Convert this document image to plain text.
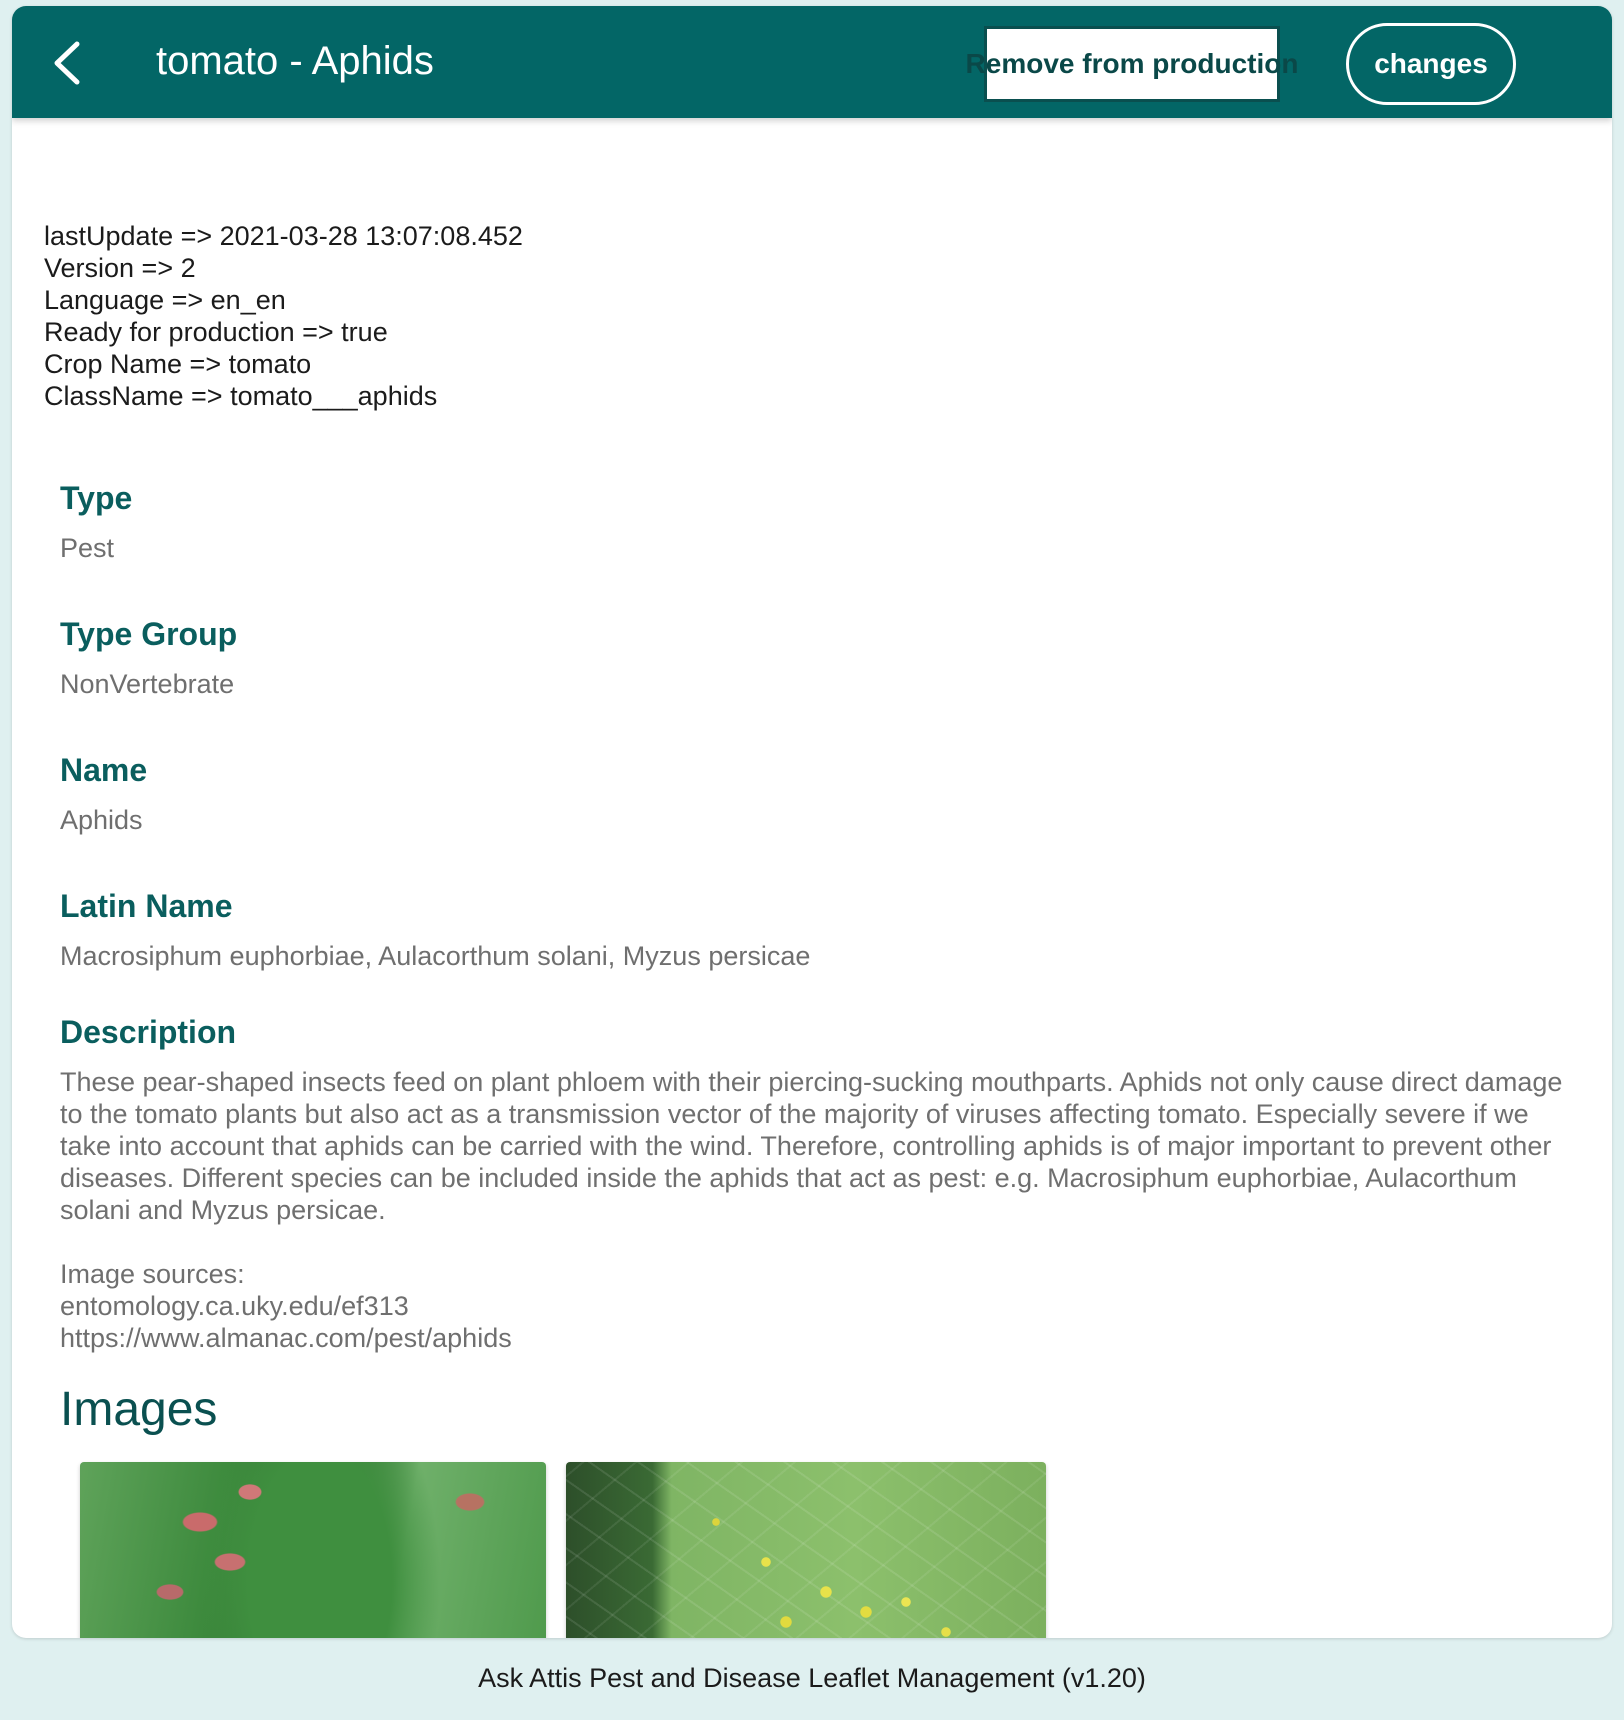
tomato - Aphids	Remove from production	changes
lastUpdate => 2021-03-28 13:07:08.452
Version => 2
Language => en_en
Ready for production => true
Crop Name => tomato
ClassName => tomato___aphids
Type
Pest
Type Group
NonVertebrate
Name
Aphids
Latin Name
Macrosiphum euphorbiae, Aulacorthum solani, Myzus persicae
Description
These pear-shaped insects feed on plant phloem with their piercing-sucking mouthparts. Aphids not only cause direct damage to the tomato plants but also act as a transmission vector of the majority of viruses affecting tomato. Especially severe if we take into account that aphids can be carried with the wind. Therefore, controlling aphids is of major important to prevent other diseases. Different species can be included inside the aphids that act as pest: e.g. Macrosiphum euphorbiae, Aulacorthum solani and Myzus persicae.

Image sources:
entomology.ca.uky.edu/ef313
https://www.almanac.com/pest/aphids
Images
Ask Attis Pest and Disease Leaflet Management (v1.20)
